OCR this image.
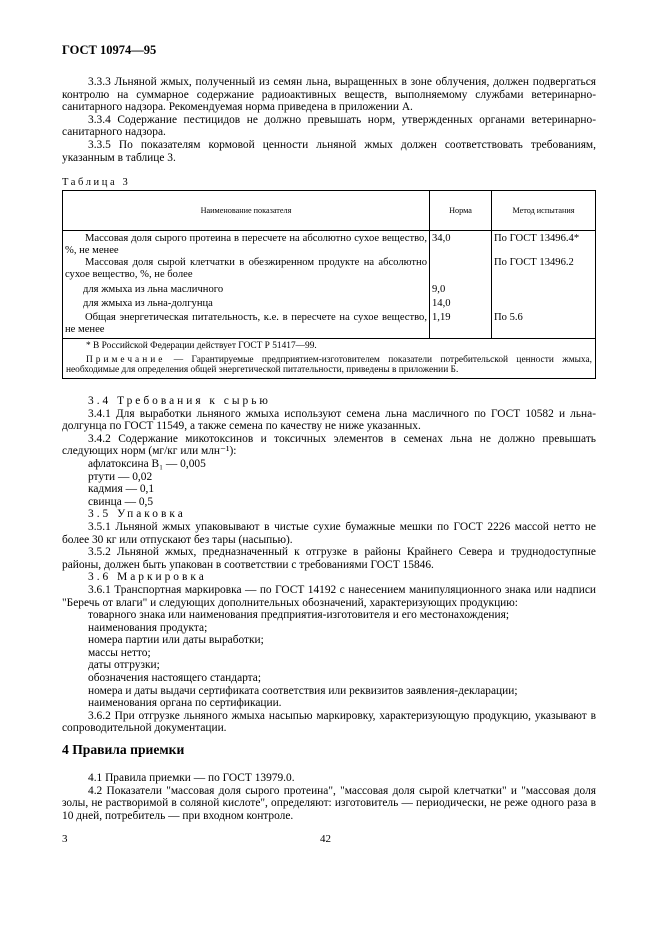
ГОСТ 10974—95

3.3.3 Льняной жмых, полученный из семян льна, выращенных в зоне облучения, должен подвергаться контролю на суммарное содержание радиоактивных веществ, выполняемому службами ветеринарно-санитарного надзора. Рекомендуемая норма приведена в приложении А.

3.3.4 Содержание пестицидов не должно превышать норм, утвержденных органами ветеринарно-санитарного надзора.

3.3.5 По показателям кормовой ценности льняной жмых должен соответствовать требованиям, указанным в таблице 3.

Таблица 3
Наименование показателя	Норма	Метод испытания
Массовая доля сырого протеина в пересчете на абсолютно сухое вещество, %, не менее	34,0	По ГОСТ 13496.4*
Массовая доля сырой клетчатки в обезжиренном продукте на абсолютно сухое вещество, %, не более		По ГОСТ 13496.2
для жмыха из льна масличного	9,0	
для жмыха из льна-долгунца	14,0	
Общая энергетическая питательность, к.е. в пересчете на сухое вещество, не менее	1,19	По 5.6

* В Российской Федерации действует ГОСТ Р 51417—99.
Примечание — Гарантируемые предприятием-изготовителем показатели потребительской ценности жмыха, необходимые для определения общей энергетической питательности, приведены в приложении Б.		

3.4 Требования к сырью

3.4.1 Для выработки льняного жмыха используют семена льна масличного по ГОСТ 10582 и льна-долгунца по ГОСТ 11549, а также семена по качеству не ниже указанных.

3.4.2 Содержание микотоксинов и токсичных элементов в семенах льна не должно превышать следующих норм (мг/кг или млн⁻¹):

афлатоксина B₁ — 0,005

ртути — 0,02

кадмия — 0,1

свинца — 0,5

3.5 Упаковка

3.5.1 Льняной жмых упаковывают в чистые сухие бумажные мешки по ГОСТ 2226 массой нетто не более 30 кг или отпускают без тары (насыпью).

3.5.2 Льняной жмых, предназначенный к отгрузке в районы Крайнего Севера и труднодоступные районы, должен быть упакован в соответствии с требованиями ГОСТ 15846.

3.6 Маркировка

3.6.1 Транспортная маркировка — по ГОСТ 14192 с нанесением манипуляционного знака или надписи "Беречь от влаги" и следующих дополнительных обозначений, характеризующих продукцию:

товарного знака или наименования предприятия-изготовителя и его местонахождения;

наименования продукта;

номера партии или даты выработки;

массы нетто;

даты отгрузки;

обозначения настоящего стандарта;

номера и даты выдачи сертификата соответствия или реквизитов заявления-декларации;

наименования органа по сертификации.

3.6.2 При отгрузке льняного жмыха насыпью маркировку, характеризующую продукцию, указывают в сопроводительной документации.

4 Правила приемки

4.1 Правила приемки — по ГОСТ 13979.0.

4.2 Показатели "массовая доля сырого протеина", "массовая доля сырой клетчатки" и "массовая доля золы, не растворимой в соляной кислоте", определяют: изготовитель — периодически, не реже одного раза в 10 дней, потребитель — при входном контроле.

3	42
